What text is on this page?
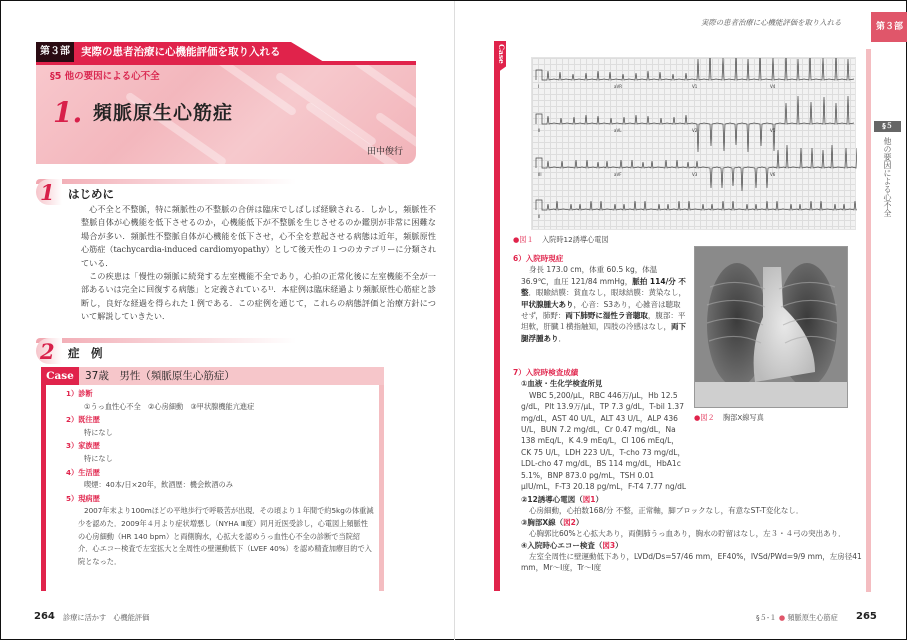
第３部	実際の患者治療に心機能評価を取り入れる
§5 他の要因による心不全
1. 頻脈原生心筋症
田中俊行
1 はじめに

心不全と不整脈，特に頻脈性の不整脈の合併は臨床でしばしば経験される．しかし，頻脈性不整脈自体が心機能を低下させるのか，心機能低下が不整脈を生じさせるのか鑑別が非常に困難な場合が多い．頻脈性不整脈自体が心機能を低下させ，心不全を惹起させる病態は近年，頻脈原性心筋症（tachycardia-induced cardiomyopathy）として後天性の１つのカテゴリーに分類されている．

この疾患は「慢性の頻脈に続発する左室機能不全であり，心拍の正常化後に左室機能不全が一部あるいは完全に回復する病態」と定義されている¹⁾．本症例は臨床経過より頻脈原性心筋症と診断し，良好な経過を得られた１例である．この症例を通じて，これらの病態評価と治療方針について解説していきたい．

2 症　例
Case	37歳　男性（頻脈原生心筋症）
1）診断
①うっ血性心不全　②心房細動　③甲状腺機能亢進症
2）既往歴
特になし
3）家族歴
特になし
4）生活歴
喫煙：40本/日×20年，飲酒歴：機会飲酒のみ
5）現病歴
2007年末より100mほどの平地歩行で呼吸苦が出現．その頃より１年間で約5kgの体重減少を認めた．2009年４月より症状増悪し（NYHA Ⅲ度）同月近医受診し，心電図上頻脈性の心房細動（HR 140 bpm）と両側胸水，心拡大を認めうっ血性心不全の診断で当院紹介．心エコー検査で左室拡大と全周性の壁運動低下（LVEF 40%）を認め精査加療目的で入院となった．
264 診療に活かす　心機能評価
実際の患者治療に心機能評価を取り入れる	第３部
Case
§５
他の要因による心不全
I	aVR	V1	V4
II	aVL	V2	V5
III	aVF	V3	V6
II
●図１ 入院時12誘導心電図
●図２ 胸部X線写真
6）入院時現症
身長 173.0 cm，体重 60.5 kg，体温 36.9℃，血圧 121/84 mmHg，脈拍 114/分 不整．眼瞼結膜：貧血なし，眼球結膜：黄染なし，甲状腺腫大あり，心音：S3あり，心雑音は聴取せず，肺野：両下肺野に湿性ラ音聴取，腹部：平坦軟，肝臓１横指触知，四肢の冷感はなし，両下腿浮腫あり．
7）入院時検査成績
①血液・生化学検査所見
WBC 5,200/μL，RBC 446万/μL，Hb 12.5 g/dL，Plt 13.9万/μL，TP 7.3 g/dL，T-bil 1.37 mg/dL，AST 40 U/L，ALT 43 U/L，ALP 436 U/L，BUN 7.2 mg/dL，Cr 0.47 mg/dL，Na 138 mEq/L，K 4.9 mEq/L，Cl 106 mEq/L，CK 75 U/L，LDH 223 U/L，T-cho 73 mg/dL，LDL-cho 47 mg/dL，BS 114 mg/dL，HbA1c 5.1%，BNP 873.0 pg/mL，TSH 0.01 μIU/mL，F-T3 20.18 pg/mL，F-T4 7.77 ng/dL
②12誘導心電図（図1）
心房細動，心拍数168/分 不整，正常軸，脚ブロックなし，有意なST-T変化なし．
③胸部X線（図2）
心胸郭比60%と心拡大あり，両側肺うっ血あり，胸水の貯留はなし，左３・４弓の突出あり．
④入院時心エコー検査（図3）
左室全周性に壁運動低下あり，LVDd/Ds=57/46 mm，EF40%，IVSd/PWd=9/9 mm，左房径41 mm，Mr〜Ⅰ度，Tr〜Ⅰ度
§５-１ ● 頻脈原生心筋症 265
